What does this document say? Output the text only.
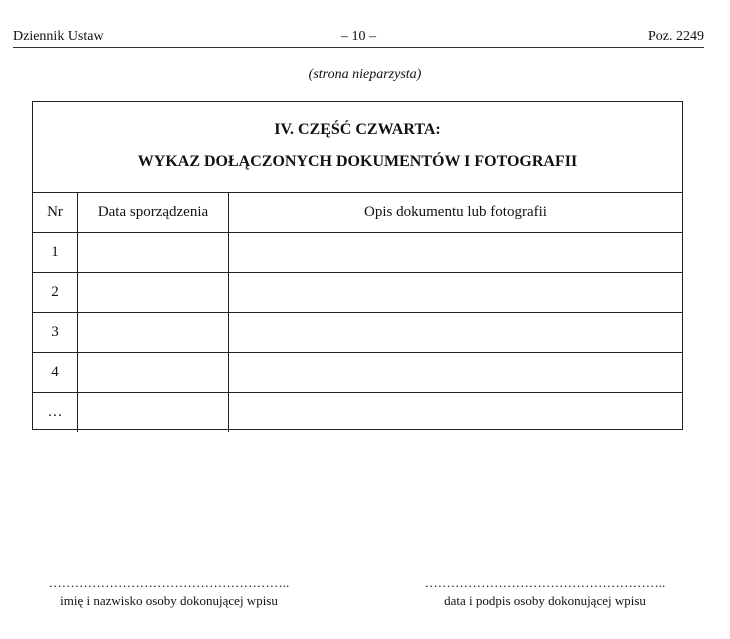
Dziennik Ustaw	– 10 –	Poz. 2249
(strona nieparzysta)
IV. CZĘŚĆ CZWARTA:
WYKAZ DOŁĄCZONYCH DOKUMENTÓW I FOTOGRAFII
Nr	Data sporządzenia	Opis dokumentu lub fotografii
1		
2		
3		
4		
…		
………………………………………………..
imię i nazwisko osoby dokonującej wpisu
………………………………………………..
data i podpis osoby dokonującej wpisu
